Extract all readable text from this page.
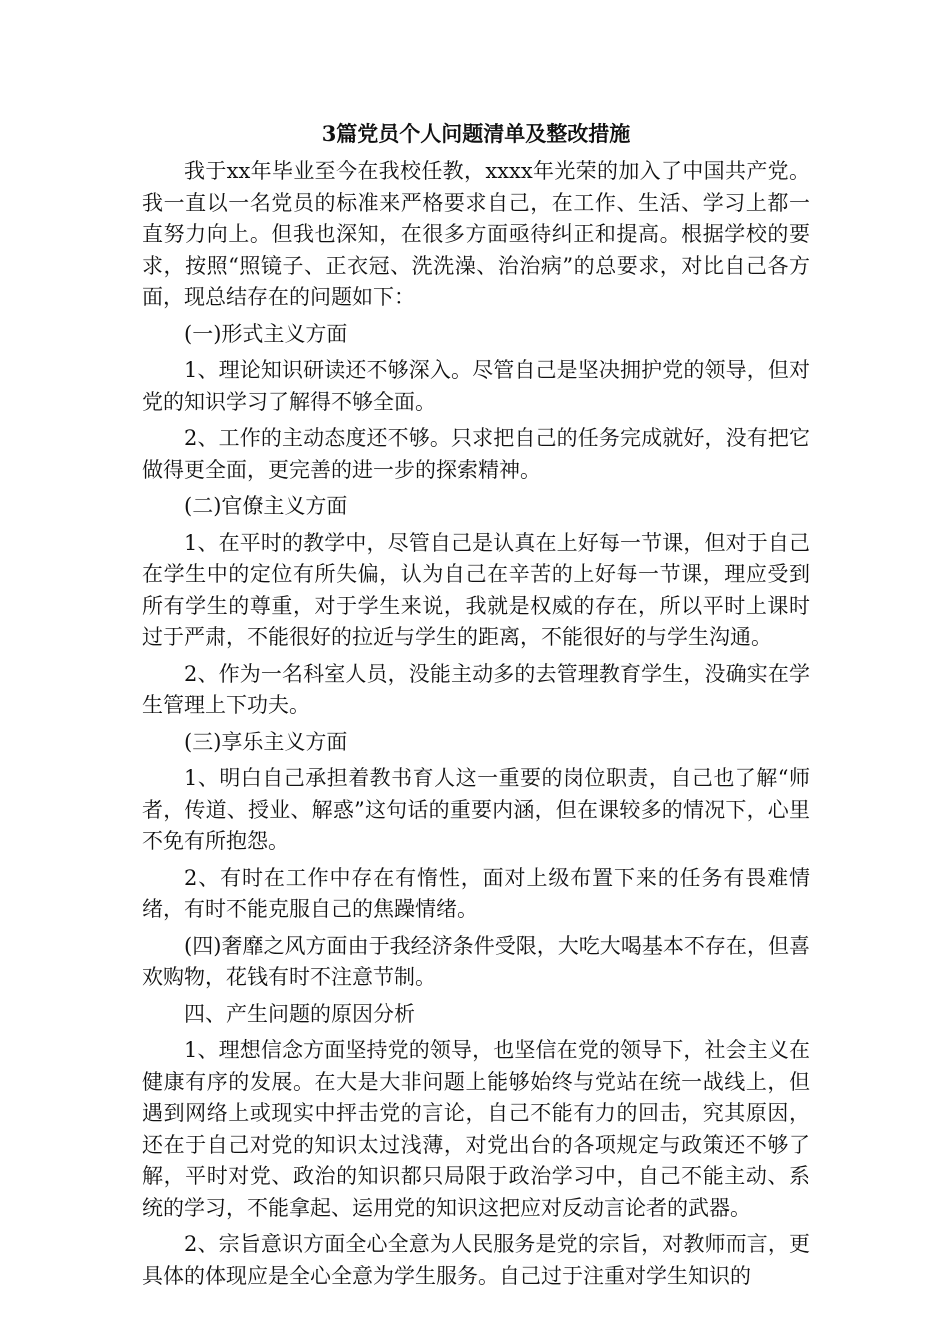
3篇党员个人问题清单及整改措施

我于xx年毕业至今在我校任教，xxxx年光荣的加入了中国共产党。我一直以一名党员的标准来严格要求自己，在工作、生活、学习上都一直努力向上。但我也深知，在很多方面亟待纠正和提高。根据学校的要求，按照“照镜子、正衣冠、洗洗澡、治治病”的总要求，对比自己各方面，现总结存在的问题如下：

(一)形式主义方面

1、理论知识研读还不够深入。尽管自己是坚决拥护党的领导，但对党的知识学习了解得不够全面。

2、工作的主动态度还不够。只求把自己的任务完成就好，没有把它做得更全面，更完善的进一步的探索精神。

(二)官僚主义方面

1、在平时的教学中，尽管自己是认真在上好每一节课，但对于自己在学生中的定位有所失偏，认为自己在辛苦的上好每一节课，理应受到所有学生的尊重，对于学生来说，我就是权威的存在，所以平时上课时过于严肃，不能很好的拉近与学生的距离，不能很好的与学生沟通。

2、作为一名科室人员，没能主动多的去管理教育学生，没确实在学生管理上下功夫。

(三)享乐主义方面

1、明白自己承担着教书育人这一重要的岗位职责，自己也了解“师者，传道、授业、解惑”这句话的重要内涵，但在课较多的情况下，心里不免有所抱怨。

2、有时在工作中存在有惰性，面对上级布置下来的任务有畏难情绪，有时不能克服自己的焦躁情绪。

(四)奢靡之风方面由于我经济条件受限，大吃大喝基本不存在，但喜欢购物，花钱有时不注意节制。

四、产生问题的原因分析

1、理想信念方面坚持党的领导，也坚信在党的领导下，社会主义在健康有序的发展。在大是大非问题上能够始终与党站在统一战线上，但遇到网络上或现实中抨击党的言论，自己不能有力的回击，究其原因，还在于自己对党的知识太过浅薄，对党出台的各项规定与政策还不够了解，平时对党、政治的知识都只局限于政治学习中，自己不能主动、系统的学习，不能拿起、运用党的知识这把应对反动言论者的武器。

2、宗旨意识方面全心全意为人民服务是党的宗旨，对教师而言，更具体的体现应是全心全意为学生服务。自己过于注重对学生知识的
